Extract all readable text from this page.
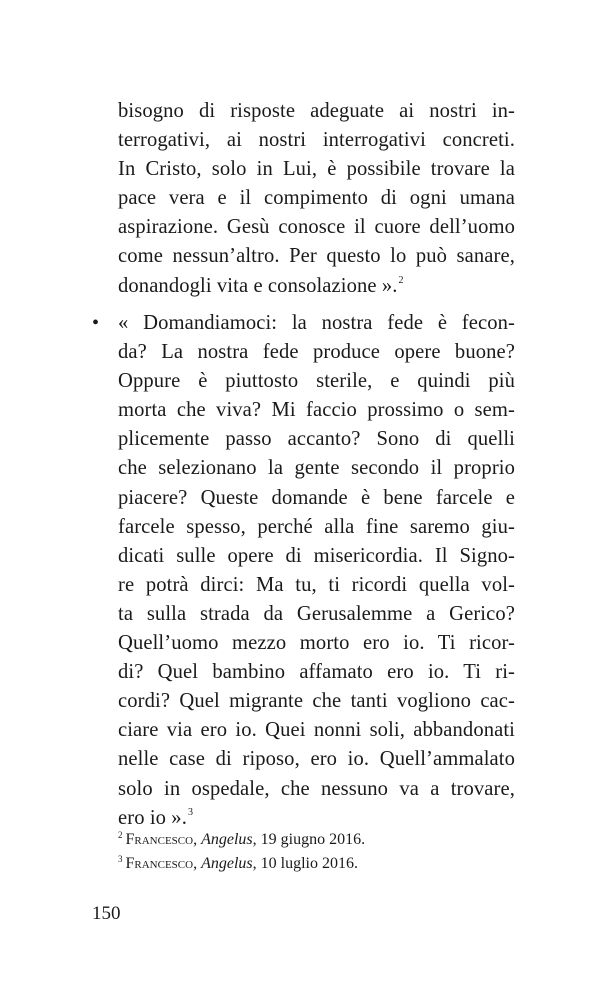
bisogno di risposte adeguate ai nostri in-
terrogativi, ai nostri interrogativi concreti.
In Cristo, solo in Lui, è possibile trovare la
pace vera e il compimento di ogni umana
aspirazione. Gesù conosce il cuore dell’uomo
come nessun’altro. Per questo lo può sanare,
donandogli vita e consolazione ».$^2$
• « Domandiamoci: la nostra fede è fecon-
da? La nostra fede produce opere buone?
Oppure è piuttosto sterile, e quindi più
morta che viva? Mi faccio prossimo o sem-
plicemente passo accanto? Sono di quelli
che selezionano la gente secondo il proprio
piacere? Queste domande è bene farcele e
farcele spesso, perché alla fine saremo giu-
dicati sulle opere di misericordia. Il Signo-
re potrà dirci: Ma tu, ti ricordi quella vol-
ta sulla strada da Gerusalemme a Gerico?
Quell’uomo mezzo morto ero io. Ti ricor-
di? Quel bambino affamato ero io. Ti ri-
cordi? Quel migrante che tanti vogliono cac-
ciare via ero io. Quei nonni soli, abbandonati
nelle case di riposo, ero io. Quell’ammalato
solo in ospedale, che nessuno va a trovare,
ero io ».$^3$
$^2$ Francesco, Angelus, 19 giugno 2016.
$^3$ Francesco, Angelus, 10 luglio 2016.
150
